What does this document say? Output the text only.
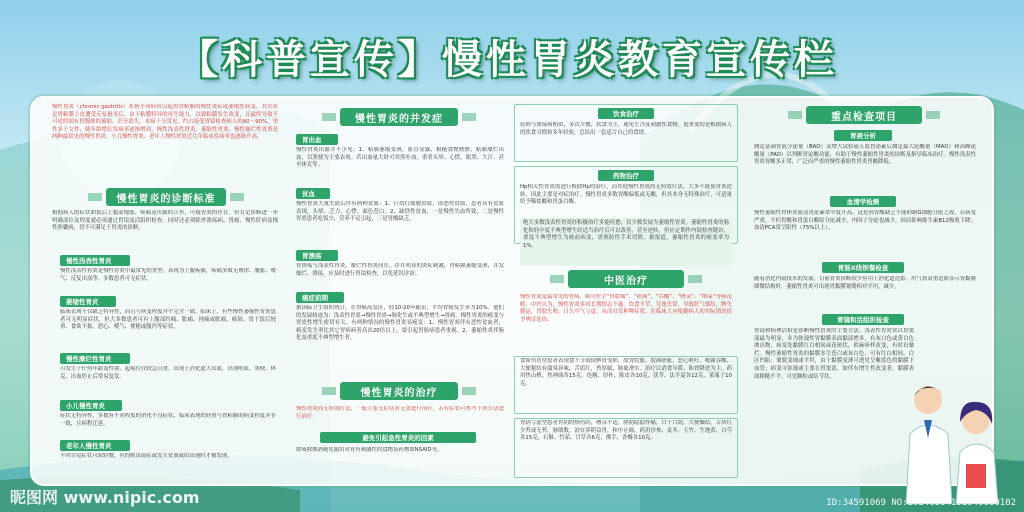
【科普宣传】慢性胃炎教育宣传栏
慢性胃炎（chronic gastritis）系指不同病因引起的胃粘膜的慢性炎症或萎缩性病变，其实质是胃粘膜上皮遭受反复损害后，由于粘膜特异的再生能力，以致粘膜发生改变，且最终导致不可逆的固有胃腺体的萎缩，甚至消失。本病十分常见，约占接受胃镜检查病人的80～90%，男性多于女性，随年龄增长发病率逐渐增高。慢性浅表性胃炎、萎缩性胃炎、慢性糜烂性胃炎是两种最常见的慢性胃炎。小儿慢性胃炎、老年人慢性胃炎近几年临床发病率也逐渐升高。
慢性胃炎的诊断标准
根据病人的症状如饭后上腹部饱胀、疼痛及厌腻的舌苔，可疑胃炎的存在。但肯定诊断进一步明确部位及程度就必须通过胃镜及活组织检查。同时还必须除外溃疡病、胃癌、慢性肝病及慢性胆囊病，切不可满足于胃炎的诊断。
慢性浅表性胃炎
慢性浅表性胃炎是慢性胃炎中最常见的类型。表现为上腹疼痛，疼痛多数无规律、腹胀、嗳气、反复出血等。多数患者可无症状。
萎缩性胃炎
临床表现不仅缺乏特异性，而且与病变程度并不完全一致。临床上，有些慢性萎缩性胃炎患者可无明显症状。但大多数患者可有上腹部灼痛、胀痛、钝痛或胀痛，痛间、常于饭后较重、食欲不振、恶心、嗳气、便秘或腹泻等症状。
慢性糜烂性胃炎
可发生于任何年龄及性别，起病往往较急且重。出现上消化道大出血，出现呕血、黑便、休克，出血停止后常易复发。
小儿慢性胃炎
症状无特异性，多数有不同程度的消化不良症状，临床表现的轻重与胃粘膜的病变程度并非一致，且病程迁延。
老年人慢性胃炎
平时自觉症状可较轻微，有的则出血症或发生贫血或给出现时才被发现。
慢性胃炎的并发症
胃出血
慢性胃炎出血并不少见：1、粘膜萎缩变薄，血管显露，粗糙食物磨擦，粘膜糜烂出血，以黑便为主要表现。若出血量大时可突然吐血，重者头晕、心慌、眼黑、大汗、甚至休克等。
贫血
慢性胃炎大量失血后伴有两种贫血：1、巨幼红细胞贫血，即恶性贫血，患者具有贫血表现，头晕、乏力、心悸、面色苍白。2、缺铁性贫血，一是慢性失血所致，二是慢性胃炎患者吃饭少，营养不足引起，三是胃酸缺乏。
胃溃疡
胃溃疡与浅表性胃炎、糜烂性胃炎同在，存在明显的炎症刺激，胃粘膜萎缩变薄，并发糜烂、溃疡，应及时进行胃镜检查，以免延误诊治。
癌症前期
据国际卫生组织统计，在胃癌高发区，经10-20年随访，平均胃癌发生率为10%。他们的发展轨迹为：浅表性胃炎→慢性胃炎→肠化生或不典型增生→胃癌。慢性胃炎的癌变与胃炎性增生密切有关。有两种情况的慢性胃炎易癌变：1、慢性胃炎伴有恶性贫血者，癌变发生率比其它胃病病者高出20倍以上，要引起胃肠病患者重视。2、萎缩性炎伴肠化及重度不典型增生者。
慢性胃炎的治疗
慢性胃炎尚无特效疗法，一般主张无症状者无需进行治疗，若有症状可参考下列方法进行治疗：
避免引起急性胃炎的因素
如戒除烟酒避免服用对胃有刺激性的食物及药物如NSAID等。
饮食治疗
原则与溃疡病相似，多次少餐，软食为主，避免生冷及刺激性食物，更重要的是根据病人的饮食习惯和多年经验，总结出一套适合自己的食谱。
药物治疗
Hp相关性胃炎需进行根除Hp的治疗，而其他慢性胃炎尚无特效疗法，大多不能使胃炎逆转，因此主要是对症治疗。慢性胃炎多数胃酸偏低或无酸，但其本身无特殊治疗，可适量给予稀盐酸和胃蛋白酶。
绝大多数浅表性胃炎经积极治疗多能痊愈，仅少数发展为萎缩性胃炎。萎缩性胃炎的肠化和轻中度不典型增生经适当治疗后可以改善，甚至逆转，但应定期作内镜检查随访，重度不典型增生为癌前病变，需预防性手术切除，据报道，萎缩性胃炎的癌变率为1%。
中医治疗
慢性胃炎是最常见的胃病，属中医学“胃脘痛”、“痞满”、“吞酸”、“嘈杂”、“纳呆”等病范畴。中医认为，慢性胃炎多因长期情志不遂，饮食不节，劳逸失常，导致肝气郁结，脾失健运，胃脘失和，日久中气亏虚，从而引发种种症状。在临床上应根据病人的实际情况给予辨证论治。
食滞伤胃型患者表现食不节致使脾胃受损，故胃脘胀，脘满痞胀，恶心呕吐，嗳腐吞酸，大便秘结有腐臭异味，舌质红，苔厚腻，脉象滑实。治疗以消食导滞，和胃降逆为主。药用焦山楂、焦神曲各15克，连翘、厚朴、陈皮各10克，茯苓、法半夏各12克，莱菔子10克。
胃阴亏虚型患者胃阴的热伤阴，嘈杂不适，胁肋隐隐作痛，口干口渴，大便燥结，舌质红少苔或无苔，脉细数。治宜养阴益胃，和中止痛。药用沙参、麦冬、玉竹、生地黄、白芍各15克，石斛、竹茹、甘草各6克，佛手、香橼各10克。
重点检查项目
胃液分析
测定基础胃液分泌量（BAO）及增大试验或五肽胃泌素后测定最大泌酸量（MAO）和高峰泌酸量（PAO）以判断胃泌酸功能，有助于慢性萎缩性胃炎的诊断及指导临床治疗。慢性浅表性胃炎胃酸多正常，广泛而严重的慢性萎缩性胃炎胃酸降低。
血清学检测
慢性萎缩性胃体炎血清胃泌素常中度升高，这是因胃酸缺乏不能抑制G细胞分泌之故。若病变严重，不但胃酸和胃蛋白酶原分泌减少，内因子分泌也减少，因而影响维生素B12吸收下降；血清PCA常呈阳性（75%以上）。
胃肠X线钡餐检查
随着消化内镜技术的发展，目前胃炎诊断很少应用上消化道造影。用气钡双重造影显示胃黏膜细微结构时，萎缩性胃炎可出现胃黏膜皱襞相对平坦，减少。
胃镜和活组织检查
胃镜和病理活检是诊断慢性胃炎的主要方法。浅表性胃炎常以胃窦部最为明显，多为弥漫性胃黏膜表面黏液增多，有灰白色或黄白色渗出物，病变处黏膜红白相间或花斑状，似麻疹样改变，有时有糜烂。慢性萎缩性胃炎的黏膜多呈苍白或灰白色，可有红白相间，白区凹陷；皱襞变细或平坦，由于黏膜变薄可透见呈紫蓝色的黏膜下血管；病变可弥漫或主要在胃窦部，如伴有增生性改变者，黏膜表面粗糙不平，可见颗粒或结节状。
昵图网 www.nipic.com	ID:34591069 NO:20240304151940060102
